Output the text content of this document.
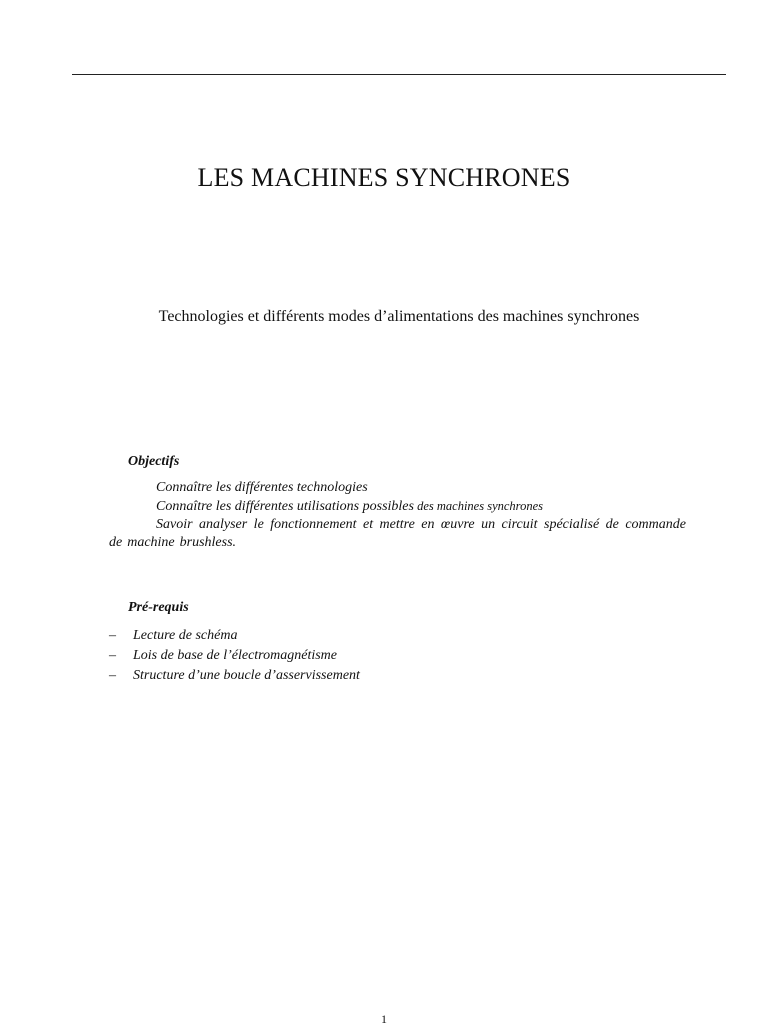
LES MACHINES SYNCHRONES
Technologies et différents modes d’alimentations des machines synchrones
Objectifs

Connaître les différentes technologies

Connaître les différentes utilisations possibles des machines synchrones

Savoir analyser le fonctionnement et mettre en œuvre un circuit spécialisé de commande de machine brushless.

Pré-requis
– Lecture de schéma
– Lois de base de l’électromagnétisme
– Structure d’une boucle d’asservissement
1
